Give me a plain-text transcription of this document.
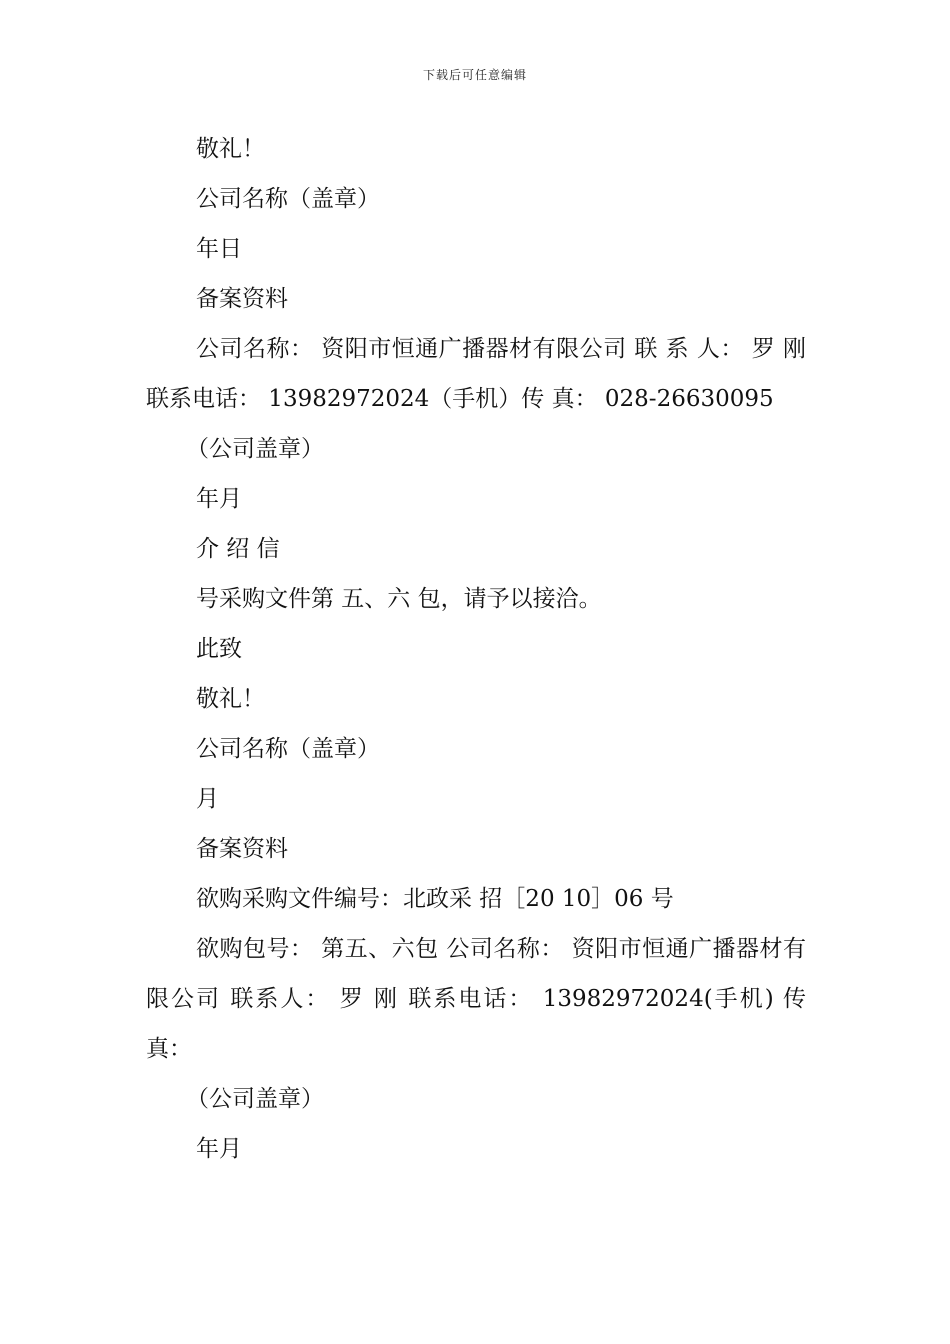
下载后可任意编辑

敬礼！

公司名称（盖章）

年日

备案资料

公司名称： 资阳市恒通广播器材有限公司 联 系 人： 罗 刚 联系电话： 13982972024（手机）传 真： 028-26630095

（公司盖章）

年月

介 绍 信

号采购文件第 五、六 包，请予以接洽。

此致

敬礼！

公司名称（盖章）

月

备案资料

欲购采购文件编号：北政采 招［20 10］06 号

欲购包号： 第五、六包 公司名称： 资阳市恒通广播器材有限公司 联系人： 罗 刚 联系电话： 13982972024(手机) 传 真：

（公司盖章）

年月
